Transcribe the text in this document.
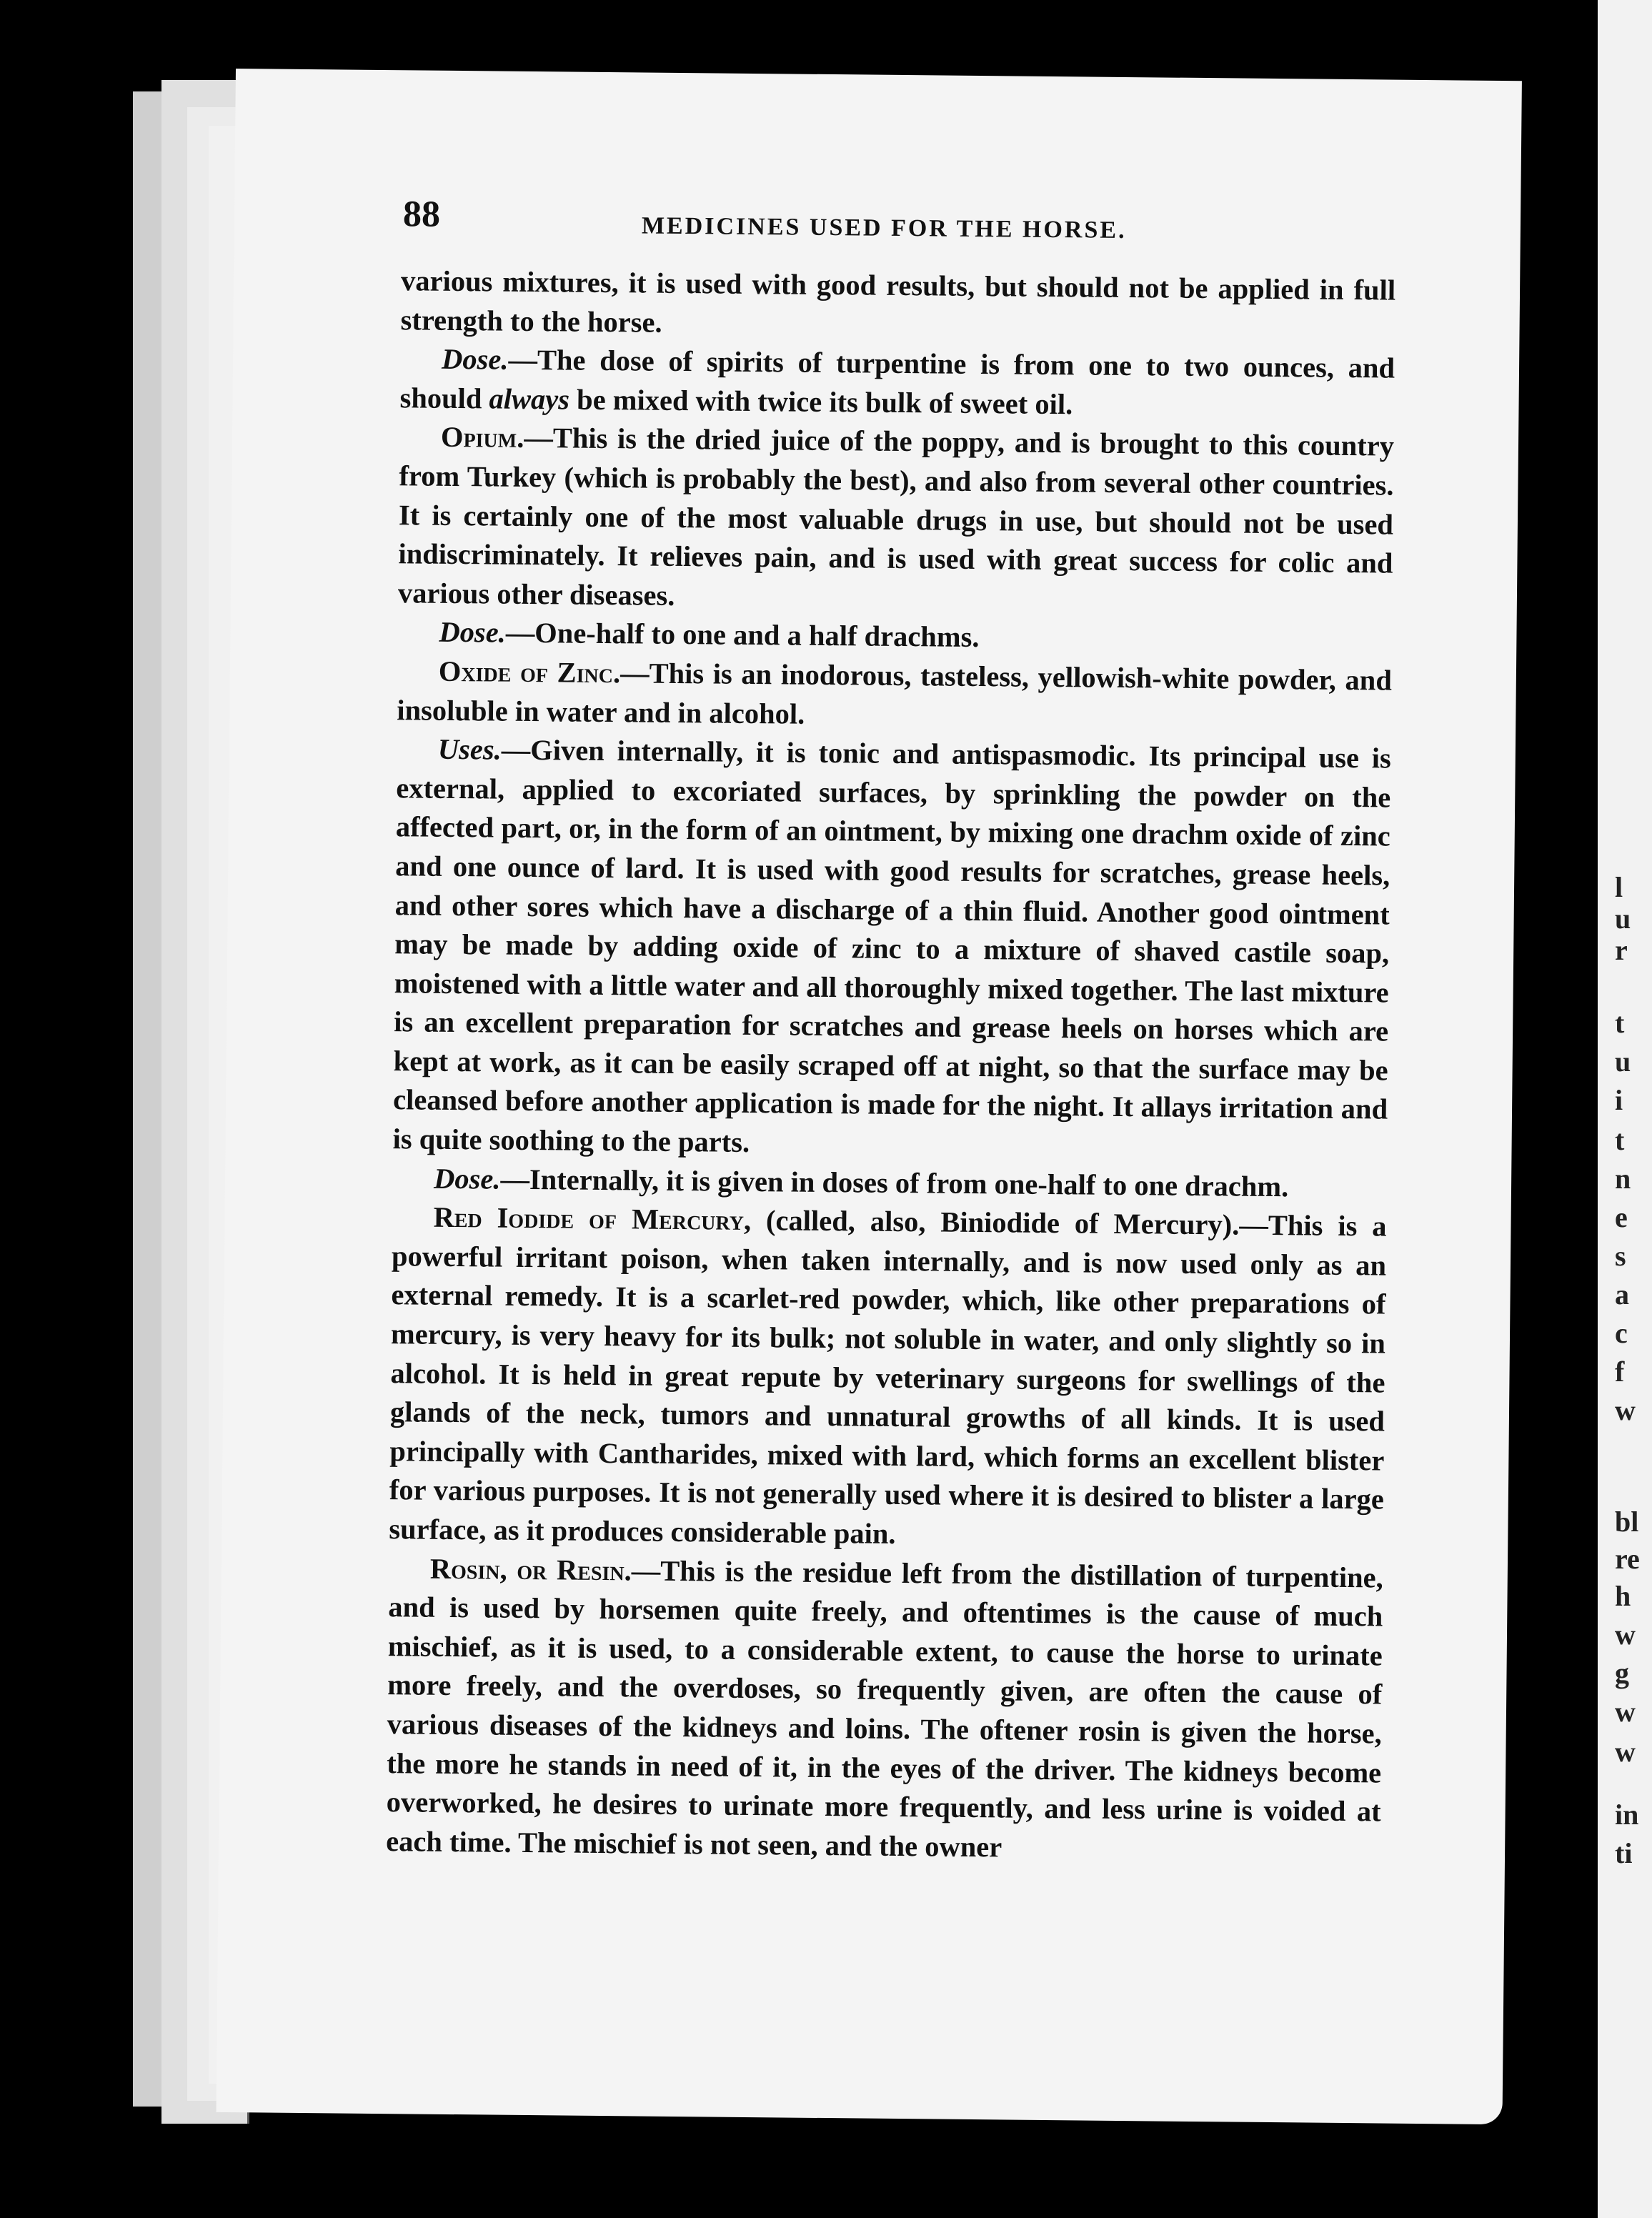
l
u
r
t
u
i
t
n
e
s
a
c
f
w
bl
re
h
w
g
w
w
in
ti

88	MEDICINES USED FOR THE HORSE.

various mixtures, it is used with good results, but should not be applied in full strength to the horse.

Dose.—The dose of spirits of turpentine is from one to two ounces, and should always be mixed with twice its bulk of sweet oil.

Opium.—This is the dried juice of the poppy, and is brought to this country from Turkey (which is probably the best), and also from several other countries. It is certainly one of the most valuable drugs in use, but should not be used indiscriminately. It relieves pain, and is used with great success for colic and various other diseases.

Dose.—One-half to one and a half drachms.

Oxide of Zinc.—This is an inodorous, tasteless, yellowish-white powder, and insoluble in water and in alcohol.

Uses.—Given internally, it is tonic and antispasmodic. Its principal use is external, applied to excoriated surfaces, by sprinkling the powder on the affected part, or, in the form of an ointment, by mixing one drachm oxide of zinc and one ounce of lard. It is used with good results for scratches, grease heels, and other sores which have a discharge of a thin fluid. Another good ointment may be made by adding oxide of zinc to a mixture of shaved castile soap, moistened with a little water and all thoroughly mixed together. The last mixture is an excellent preparation for scratches and grease heels on horses which are kept at work, as it can be easily scraped off at night, so that the surface may be cleansed before another application is made for the night. It allays irritation and is quite soothing to the parts.

Dose.—Internally, it is given in doses of from one-half to one drachm.

Red Iodide of Mercury, (called, also, Biniodide of Mercury).—This is a powerful irritant poison, when taken internally, and is now used only as an external remedy. It is a scarlet-red powder, which, like other preparations of mercury, is very heavy for its bulk; not soluble in water, and only slightly so in alcohol. It is held in great repute by veterinary surgeons for swellings of the glands of the neck, tumors and unnatural growths of all kinds. It is used principally with Cantharides, mixed with lard, which forms an excellent blister for various purposes. It is not generally used where it is desired to blister a large surface, as it produces considerable pain.

Rosin, or Resin.—This is the residue left from the distillation of turpentine, and is used by horsemen quite freely, and oftentimes is the cause of much mischief, as it is used, to a considerable extent, to cause the horse to urinate more freely, and the overdoses, so frequently given, are often the cause of various diseases of the kidneys and loins. The oftener rosin is given the horse, the more he stands in need of it, in the eyes of the driver. The kidneys become overworked, he desires to urinate more frequently, and less urine is voided at each time. The mischief is not seen, and the owner
